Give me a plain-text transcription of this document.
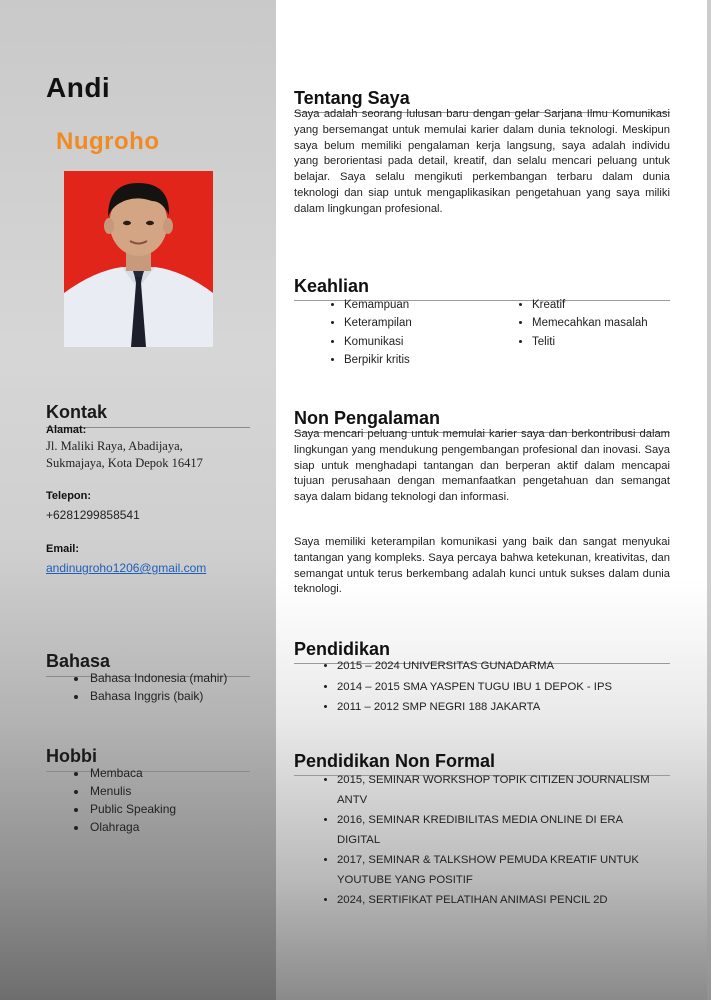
Andi
Nugroho
Kontak
Alamat:
Jl. Maliki Raya, Abadijaya,
Sukmajaya, Kota Depok 16417
Telepon:
+6281299858541
Email:
andinugroho1206@gmail.com
Bahasa
• Bahasa Indonesia (mahir)
• Bahasa Inggris (baik)
Hobbi
• Membaca
• Menulis
• Public Speaking
• Olahraga
Tentang Saya
Saya adalah seorang lulusan baru dengan gelar Sarjana Ilmu Komunikasi yang bersemangat untuk memulai karier dalam dunia teknologi. Meskipun saya belum memiliki pengalaman kerja langsung, saya adalah individu yang berorientasi pada detail, kreatif, dan selalu mencari peluang untuk belajar. Saya selalu mengikuti perkembangan terbaru dalam dunia teknologi dan siap untuk mengaplikasikan pengetahuan yang saya miliki dalam lingkungan profesional.
Keahlian
• Kemampuan
• Keterampilan
• Komunikasi
• Berpikir kritis
• Kreatif
• Memecahkan masalah
• Teliti
Non Pengalaman
Saya mencari peluang untuk memulai karier saya dan berkontribusi dalam lingkungan yang mendukung pengembangan profesional dan inovasi. Saya siap untuk menghadapi tantangan dan berperan aktif dalam mencapai tujuan perusahaan dengan memanfaatkan pengetahuan dan semangat saya dalam bidang teknologi dan informasi.
Saya memiliki keterampilan komunikasi yang baik dan sangat menyukai tantangan yang kompleks. Saya percaya bahwa ketekunan, kreativitas, dan semangat untuk terus berkembang adalah kunci untuk sukses dalam dunia teknologi.
Pendidikan
• 2015 – 2024 UNIVERSITAS GUNADARMA
• 2014 – 2015 SMA YASPEN TUGU IBU 1 DEPOK - IPS
• 2011 – 2012 SMP NEGRI 188 JAKARTA
Pendidikan Non Formal
• 2015, SEMINAR WORKSHOP TOPIK CITIZEN JOURNALISM ANTV
• 2016, SEMINAR KREDIBILITAS MEDIA ONLINE DI ERA DIGITAL
• 2017, SEMINAR & TALKSHOW PEMUDA KREATIF UNTUK YOUTUBE YANG POSITIF
• 2024, SERTIFIKAT PELATIHAN ANIMASI PENCIL 2D
